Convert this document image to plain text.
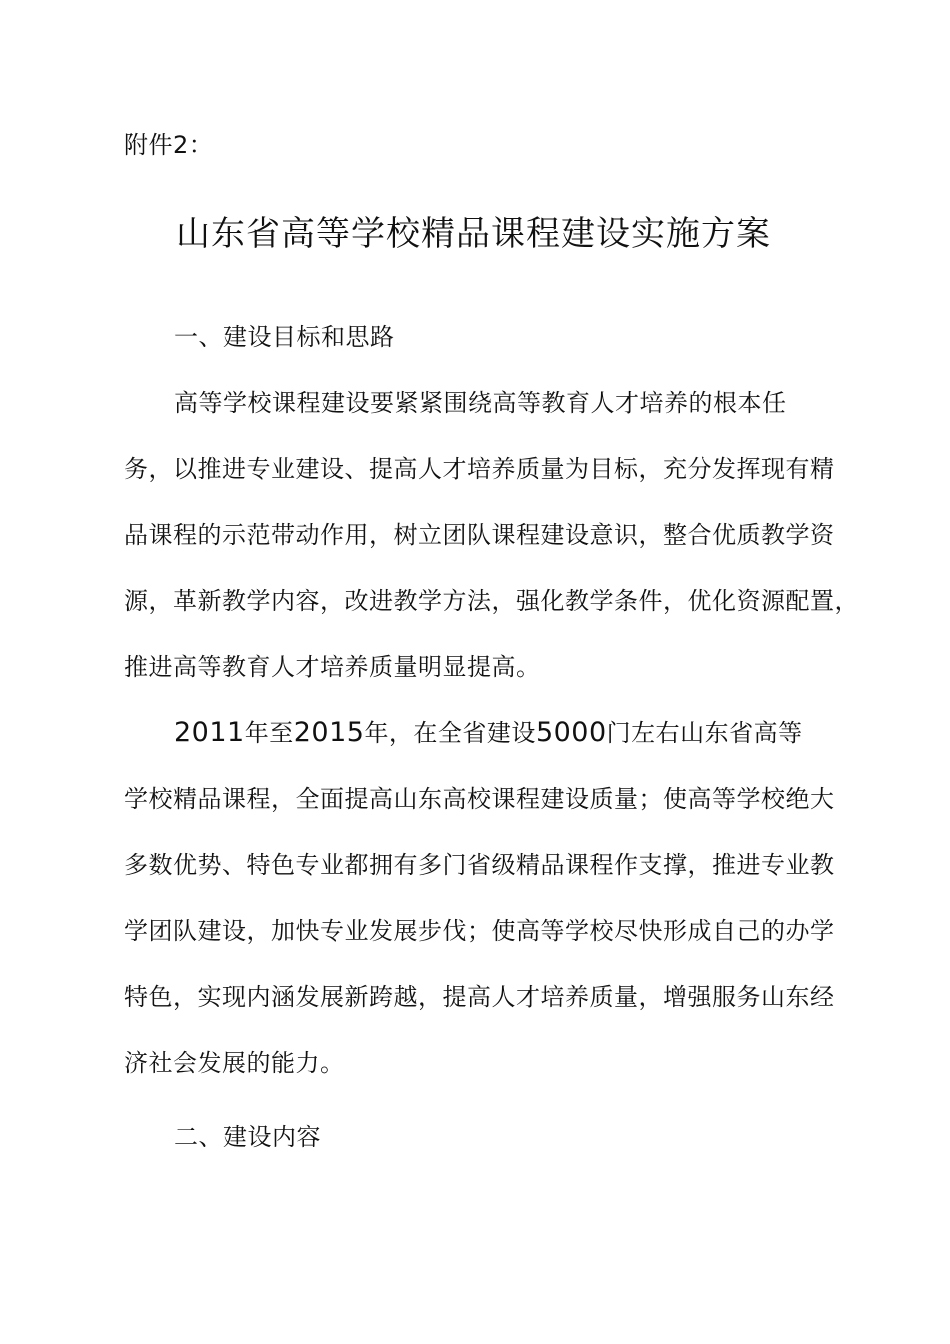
附件2：
山东省高等学校精品课程建设实施方案
一、建设目标和思路
高等学校课程建设要紧紧围绕高等教育人才培养的根本任
务，以推进专业建设、提高人才培养质量为目标，充分发挥现有精
品课程的示范带动作用，树立团队课程建设意识，整合优质教学资
源，革新教学内容，改进教学方法，强化教学条件，优化资源配置，
推进高等教育人才培养质量明显提高。
2011年至2015年，在全省建设5000门左右山东省高等
学校精品课程，全面提高山东高校课程建设质量；使高等学校绝大
多数优势、特色专业都拥有多门省级精品课程作支撑，推进专业教
学团队建设，加快专业发展步伐；使高等学校尽快形成自己的办学
特色，实现内涵发展新跨越，提高人才培养质量，增强服务山东经
济社会发展的能力。
二、建设内容
